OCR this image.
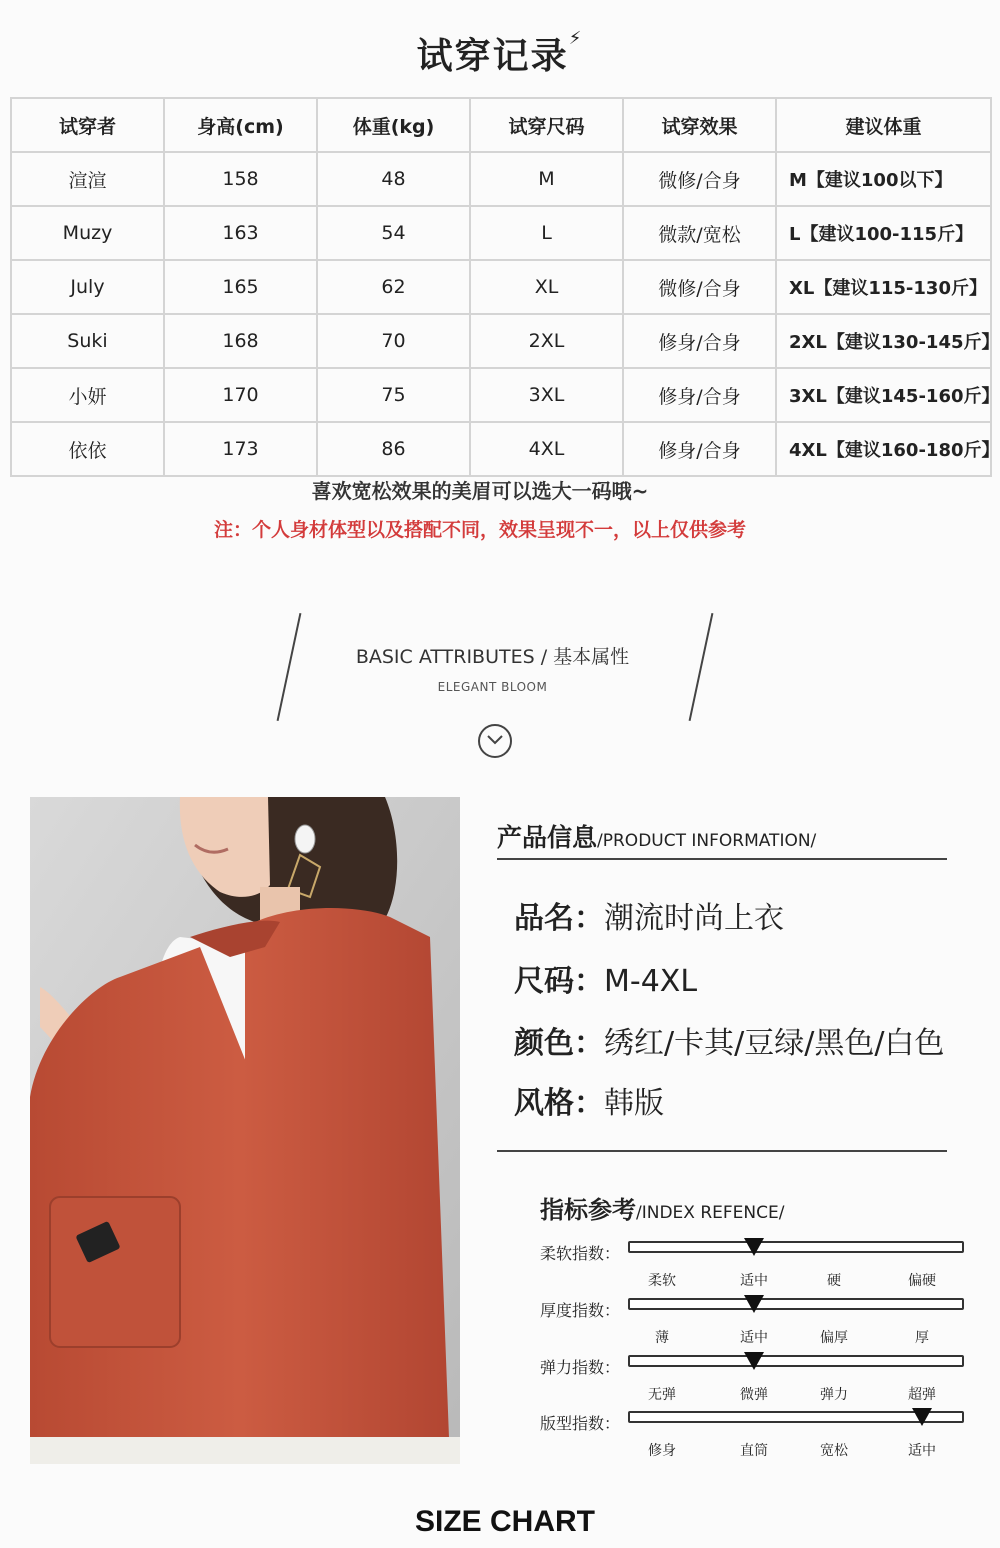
试穿记录⚡
试穿者	身高(cm)	体重(kg)	试穿尺码	试穿效果	建议体重
渲渲	158	48	M	微修/合身	M【建议100以下】
Muzy	163	54	L	微款/宽松	L【建议100-115斤】
July	165	62	XL	微修/合身	XL【建议115-130斤】
Suki	168	70	2XL	修身/合身	2XL【建议130-145斤】
小妍	170	75	3XL	修身/合身	3XL【建议145-160斤】
依依	173	86	4XL	修身/合身	4XL【建议160-180斤】
喜欢宽松效果的美眉可以选大一码哦~
注：个人身材体型以及搭配不同，效果呈现不一，以上仅供参考
BASIC ATTRIBUTES / 基本属性
ELEGANT BLOOM
产品信息/PRODUCT INFORMATION/
品名：潮流时尚上衣
尺码：M-4XL
颜色：绣红/卡其/豆绿/黑色/白色
风格：韩版
指标参考/INDEX REFENCE/
柔软指数：
柔软	适中	硬	偏硬
厚度指数：
薄	适中	偏厚	厚
弹力指数：
无弹	微弹	弹力	超弹
版型指数：
修身	直筒	宽松	适中
SIZE CHART
